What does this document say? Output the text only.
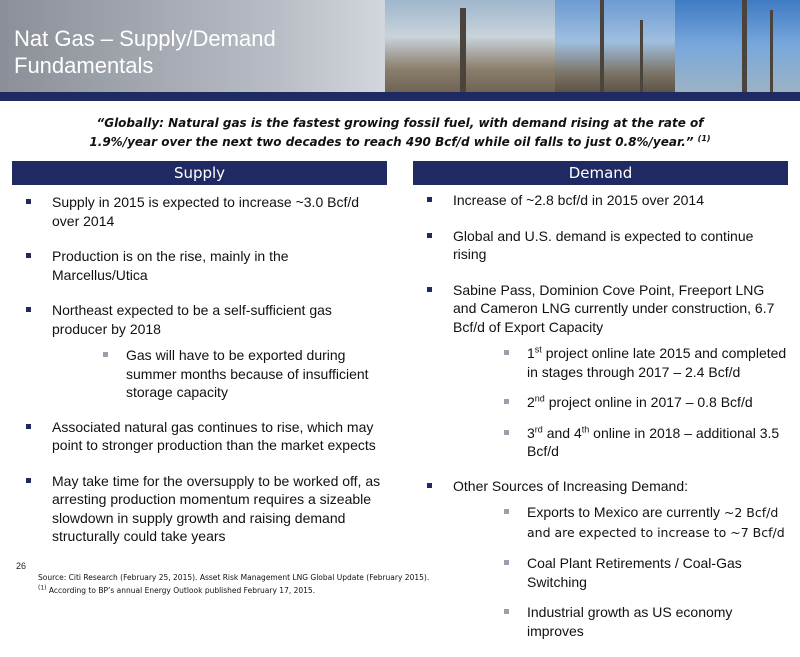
Nat Gas – Supply/Demand
Fundamentals
“Globally: Natural gas is the fastest growing fossil fuel, with demand rising at the rate of
1.9%/year over the next two decades to reach 490 Bcf/d while oil falls to just 0.8%/year.” $^{(1)}$
Supply	Demand
Supply in 2015 is expected to increase ~3.0 Bcf/d over 2014
Production is on the rise, mainly in the Marcellus/Utica
Northeast expected to be a self-sufficient gas producer by 2018
Gas will have to be exported during summer months because of insufficient storage capacity
Associated natural gas continues to rise, which may point to stronger production than the market expects
May take time for the oversupply to be worked off, as arresting production momentum requires a sizeable slowdown in supply growth and raising demand structurally could take years
Increase of ~2.8 bcf/d in 2015 over 2014
Global and U.S. demand is expected to continue rising
Sabine Pass, Dominion Cove Point, Freeport LNG and Cameron LNG currently under construction, 6.7 Bcf/d of Export Capacity
1st project online late 2015 and completed in stages through 2017 – 2.4 Bcf/d
2nd project online in 2017 – 0.8 Bcf/d
3rd and 4th online in 2018 – additional 3.5 Bcf/d
Other Sources of Increasing Demand:
Exports to Mexico are currently ~2 Bcf/d and are expected to increase to ~7 Bcf/d
Coal Plant Retirements / Coal-Gas Switching
Industrial growth as US economy improves
26
Source: Citi Research (February 25, 2015). Asset Risk Management LNG Global Update (February 2015).
$^{(1)}$ According to BP’s annual Energy Outlook published February 17, 2015.
